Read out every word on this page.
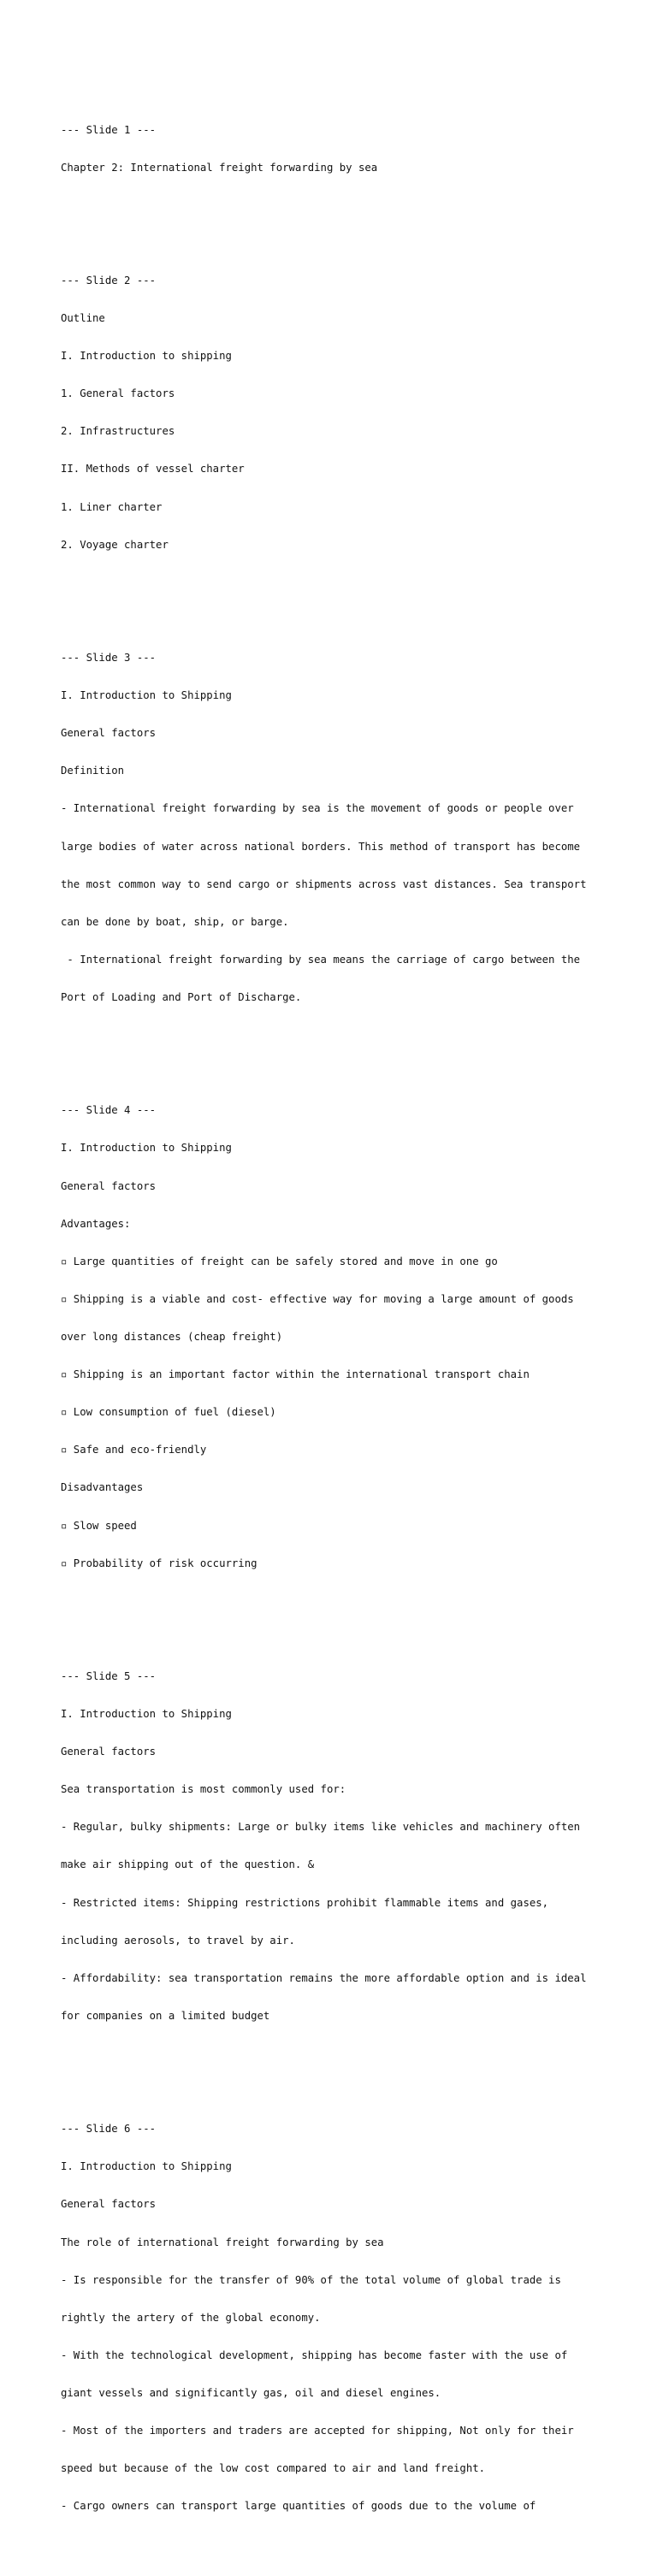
--- Slide 1 ---

Chapter 2: International freight forwarding by sea

--- Slide 2 ---

Outline

I. Introduction to shipping

1. General factors

2. Infrastructures

II. Methods of vessel charter

1. Liner charter

2. Voyage charter

--- Slide 3 ---

I. Introduction to Shipping

General factors

Definition

- International freight forwarding by sea is the movement of goods or people over

large bodies of water across national borders. This method of transport has become

the most common way to send cargo or shipments across vast distances. Sea transport

can be done by boat, ship, or barge.

- International freight forwarding by sea means the carriage of cargo between the

Port of Loading and Port of Discharge.

--- Slide 4 ---

I. Introduction to Shipping

General factors

Advantages:

▫ Large quantities of freight can be safely stored and move in one go

▫ Shipping is a viable and cost- effective way for moving a large amount of goods

over long distances (cheap freight)

▫ Shipping is an important factor within the international transport chain

▫ Low consumption of fuel (diesel)

▫ Safe and eco-friendly

Disadvantages

▫ Slow speed

▫ Probability of risk occurring

--- Slide 5 ---

I. Introduction to Shipping

General factors

Sea transportation is most commonly used for:

- Regular, bulky shipments: Large or bulky items like vehicles and machinery often

make air shipping out of the question. &

- Restricted items: Shipping restrictions prohibit flammable items and gases,

including aerosols, to travel by air.

- Affordability: sea transportation remains the more affordable option and is ideal

for companies on a limited budget

--- Slide 6 ---

I. Introduction to Shipping

General factors

The role of international freight forwarding by sea

- Is responsible for the transfer of 90% of the total volume of global trade is

rightly the artery of the global economy.

- With the technological development, shipping has become faster with the use of

giant vessels and significantly gas, oil and diesel engines.

- Most of the importers and traders are accepted for shipping, Not only for their

speed but because of the low cost compared to air and land freight.

- Cargo owners can transport large quantities of goods due to the volume of
